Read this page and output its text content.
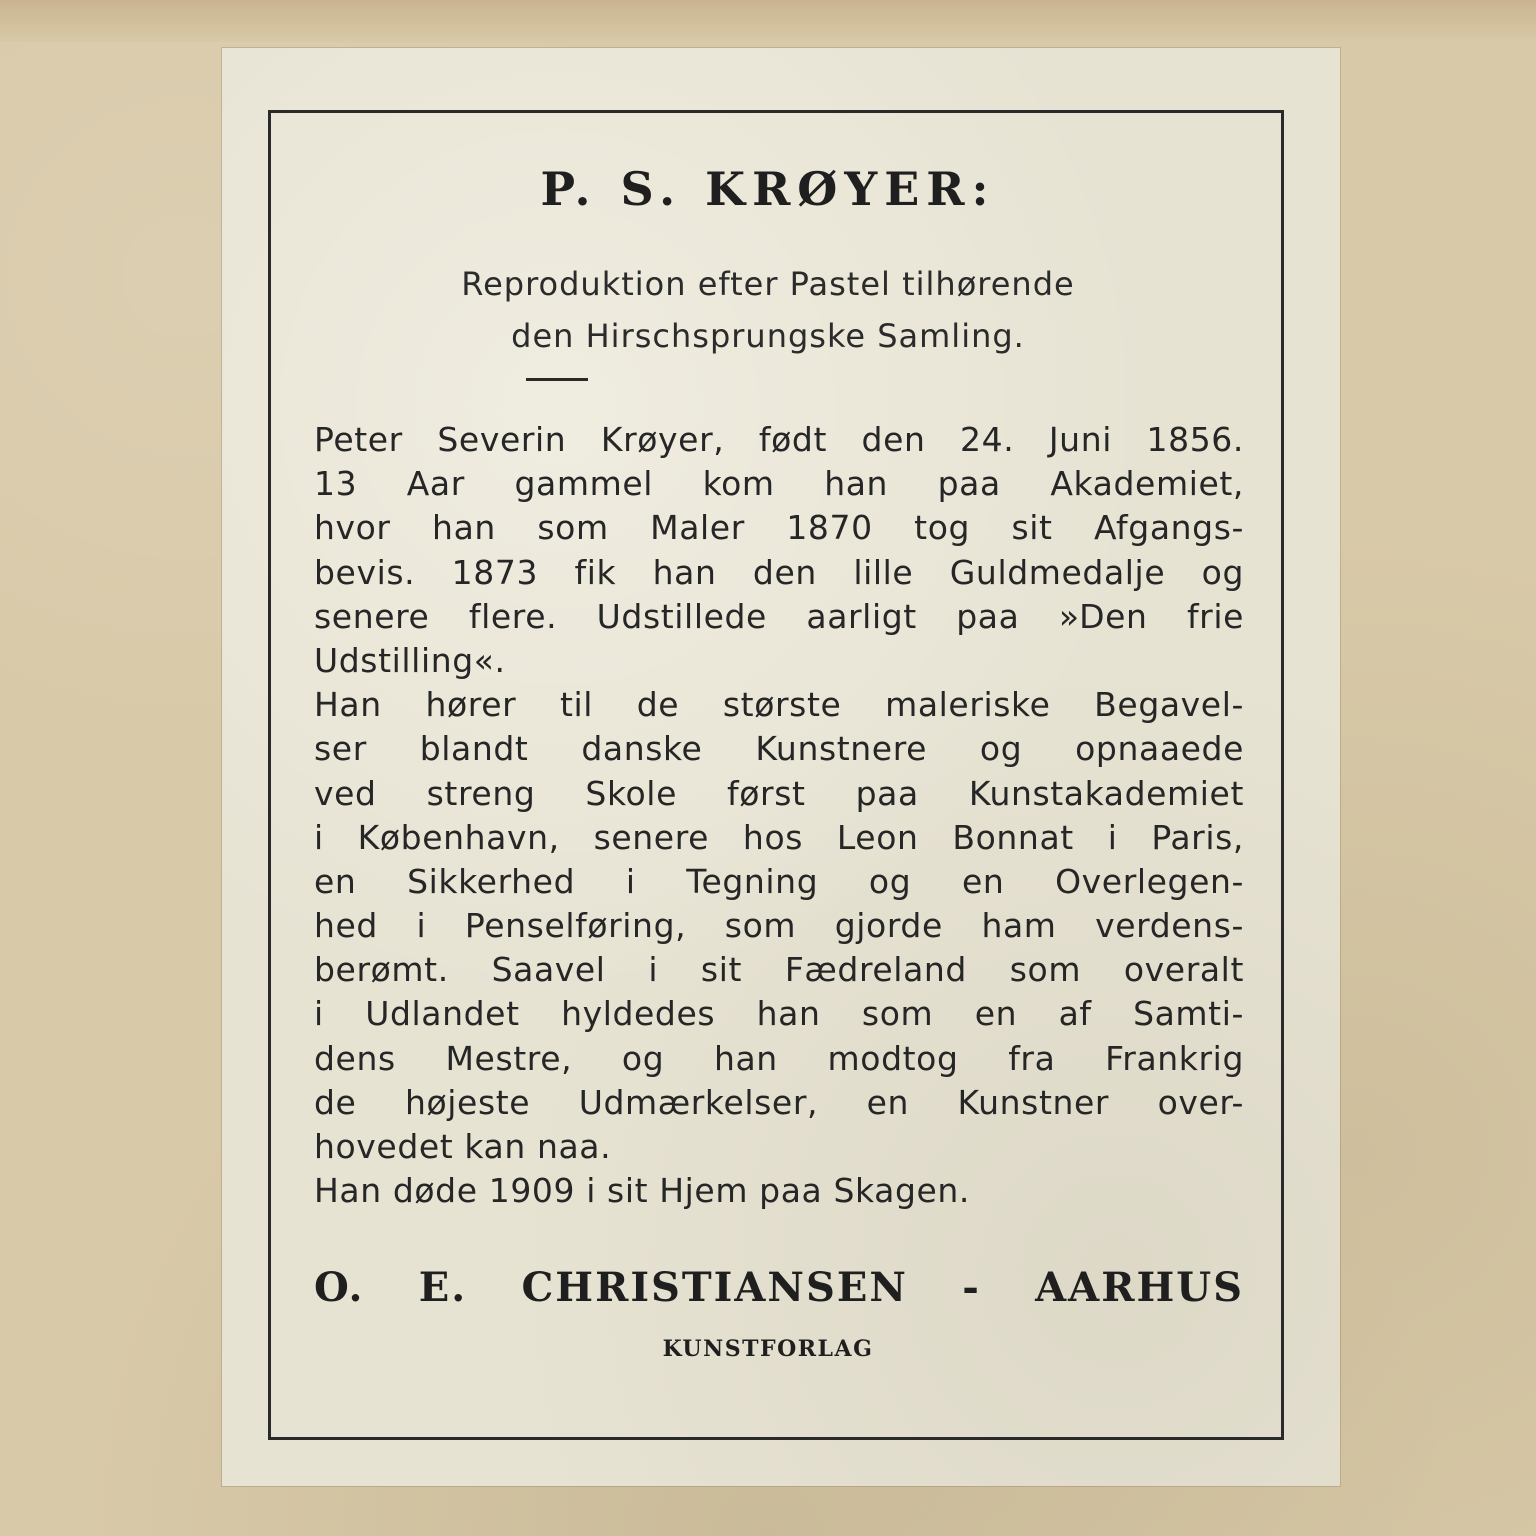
P. S. KRØYER:
Reproduktion efter Pastel tilhørende
den Hirschsprungske Samling.
Peter Severin Krøyer, født den 24. Juni 1856.
13 Aar gammel kom han paa Akademiet,
hvor han som Maler 1870 tog sit Afgangs-
bevis. 1873 fik han den lille Guldmedalje og
senere flere. Udstillede aarligt paa »Den frie
Udstilling«.
Han hører til de største maleriske Begavel-
ser blandt danske Kunstnere og opnaaede
ved streng Skole først paa Kunstakademiet
i København, senere hos Leon Bonnat i Paris,
en Sikkerhed i Tegning og en Overlegen-
hed i Penselføring, som gjorde ham verdens-
berømt. Saavel i sit Fædreland som overalt
i Udlandet hyldedes han som en af Samti-
dens Mestre, og han modtog fra Frankrig
de højeste Udmærkelser, en Kunstner over-
hovedet kan naa.
Han døde 1909 i sit Hjem paa Skagen.
O. E. CHRISTIANSEN - AARHUS
KUNSTFORLAG
